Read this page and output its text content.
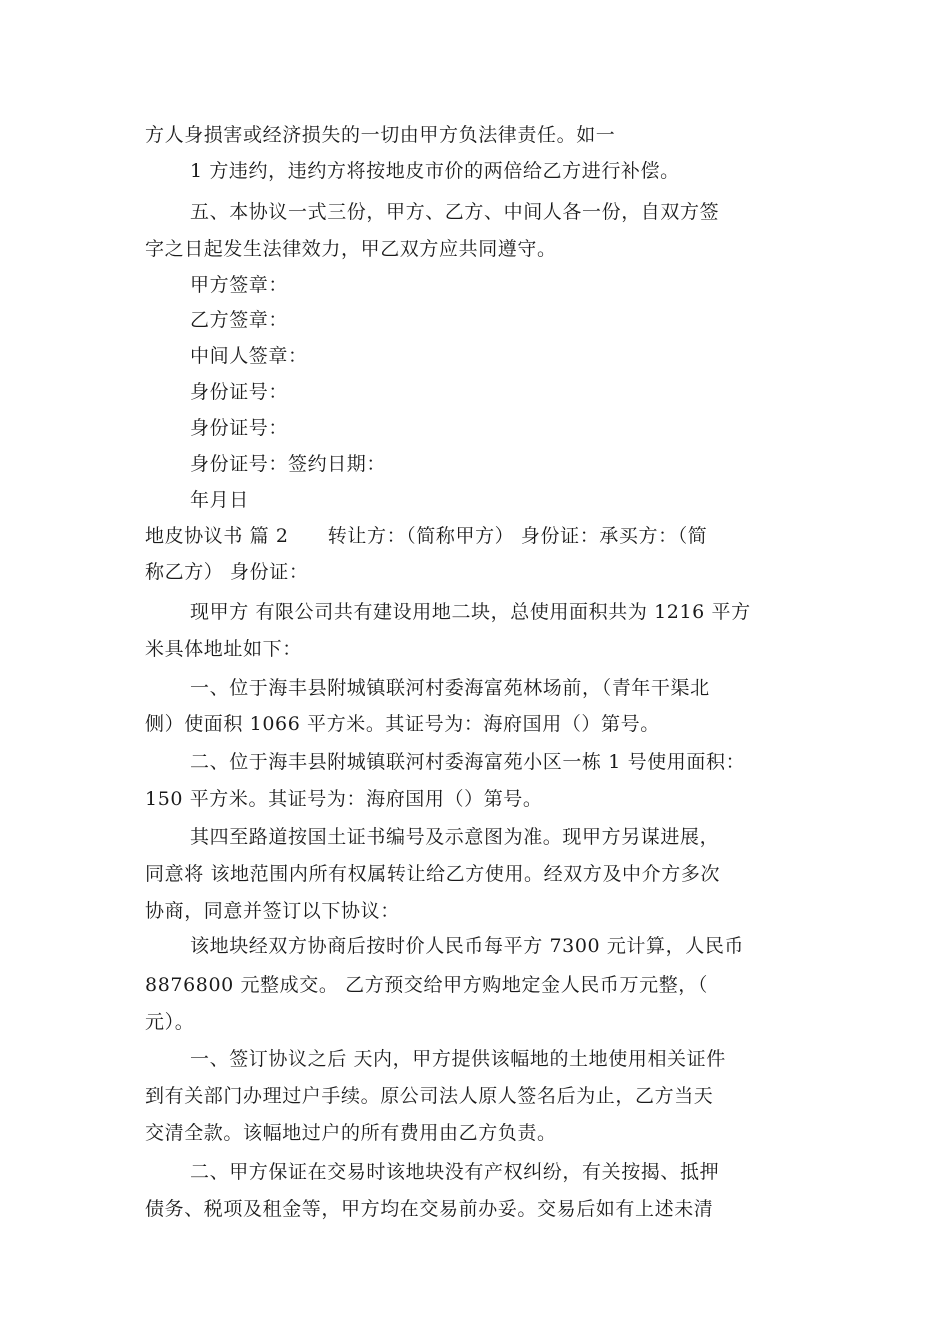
方人身损害或经济损失的一切由甲方负法律责任。如一
1 方违约，违约方将按地皮市价的两倍给乙方进行补偿。
五、本协议一式三份，甲方、乙方、中间人各一份，自双方签
字之日起发生法律效力，甲乙双方应共同遵守。
甲方签章：
乙方签章：
中间人签章：
身份证号：
身份证号：
身份证号：签约日期：
年月日
地皮协议书 篇 2　　转让方：（简称甲方） 身份证：承买方：（简
称乙方） 身份证：
现甲方 有限公司共有建设用地二块，总使用面积共为 1216 平方
米具体地址如下：
一、位于海丰县附城镇联河村委海富苑林场前，（青年干渠北
侧）使面积 1066 平方米。其证号为：海府国用（）第号。
二、位于海丰县附城镇联河村委海富苑小区一栋 1 号使用面积：
150 平方米。其证号为：海府国用（）第号。
其四至路道按国土证书编号及示意图为准。现甲方另谋进展，
同意将 该地范围内所有权属转让给乙方使用。经双方及中介方多次
协商，同意并签订以下协议：
该地块经双方协商后按时价人民币每平方 7300 元计算，人民币
8876800 元整成交。 乙方预交给甲方购地定金人民币万元整，（
元）。
一、签订协议之后 天内，甲方提供该幅地的土地使用相关证件
到有关部门办理过户手续。原公司法人原人签名后为止，乙方当天
交清全款。该幅地过户的所有费用由乙方负责。
二、甲方保证在交易时该地块没有产权纠纷，有关按揭、抵押
债务、税项及租金等，甲方均在交易前办妥。交易后如有上述未清
